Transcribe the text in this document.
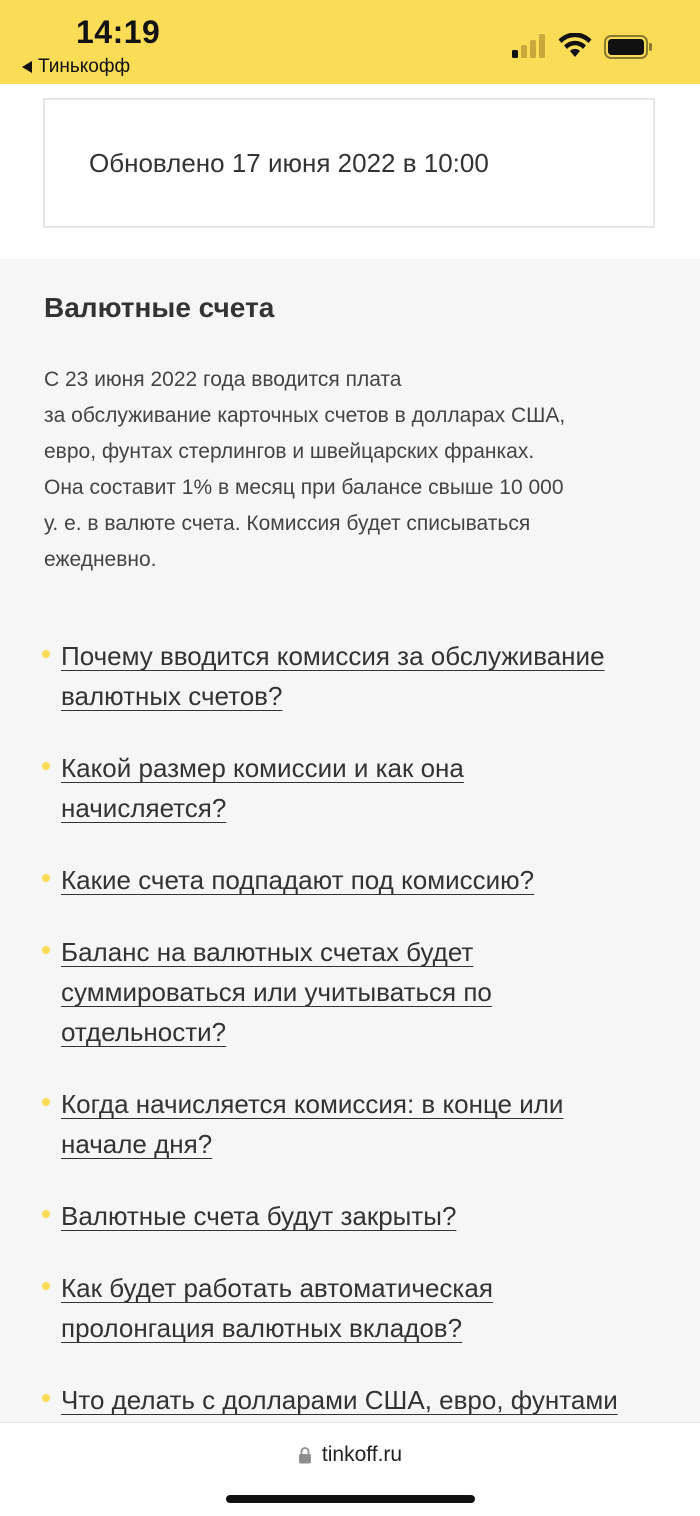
14:19
Тинькофф
Обновлено 17 июня 2022 в 10:00
Валютные счета

С 23 июня 2022 года вводится плата
за обслуживание карточных счетов в долларах США,
евро, фунтах стерлингов и швейцарских франках.
Она составит 1% в месяц при балансе свыше 10 000
у. е. в валюте счета. Комиссия будет списываться
ежедневно.

Почему вводится комиссия за обслуживание
валютных счетов?
Какой размер комиссии и как она
начисляется?
Какие счета подпадают под комиссию?
Баланс на валютных счетах будет
суммироваться или учитываться по
отдельности?
Когда начисляется комиссия: в конце или
начале дня?
Валютные счета будут закрыты?
Как будет работать автоматическая
пролонгация валютных вкладов?
Что делать с долларами США, евро, фунтами
tinkoff.ru
